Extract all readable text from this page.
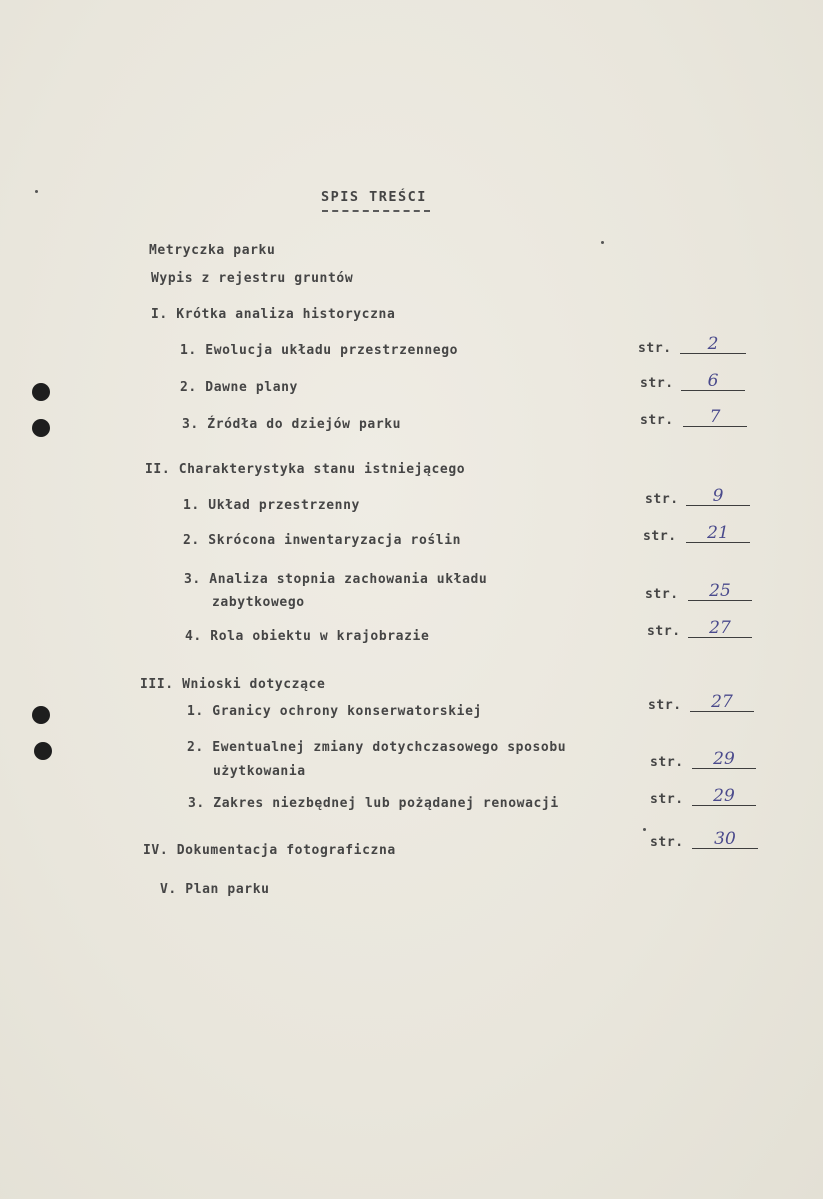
SPIS TREŚCI
Metryczka parku
Wypis z rejestru gruntów
I. Krótka analiza historyczna
1. Ewolucja układu przestrzennego	str.	2
2. Dawne plany	str.	6
3. Źródła do dziejów parku	str.	7
II. Charakterystyka stanu istniejącego
1. Układ przestrzenny	str.	9
2. Skrócona inwentaryzacja roślin	str.	21
3. Analiza stopnia zachowania układu
zabytkowego
str.	25
4. Rola obiektu w krajobrazie	str.	27
III. Wnioski dotyczące
1. Granicy ochrony konserwatorskiej	str.	27
2. Ewentualnej zmiany dotychczasowego sposobu
użytkowania
str.	29
3. Zakres niezbędnej lub pożądanej renowacji	str.	29
IV. Dokumentacja fotograficzna
str.	30
V. Plan parku
